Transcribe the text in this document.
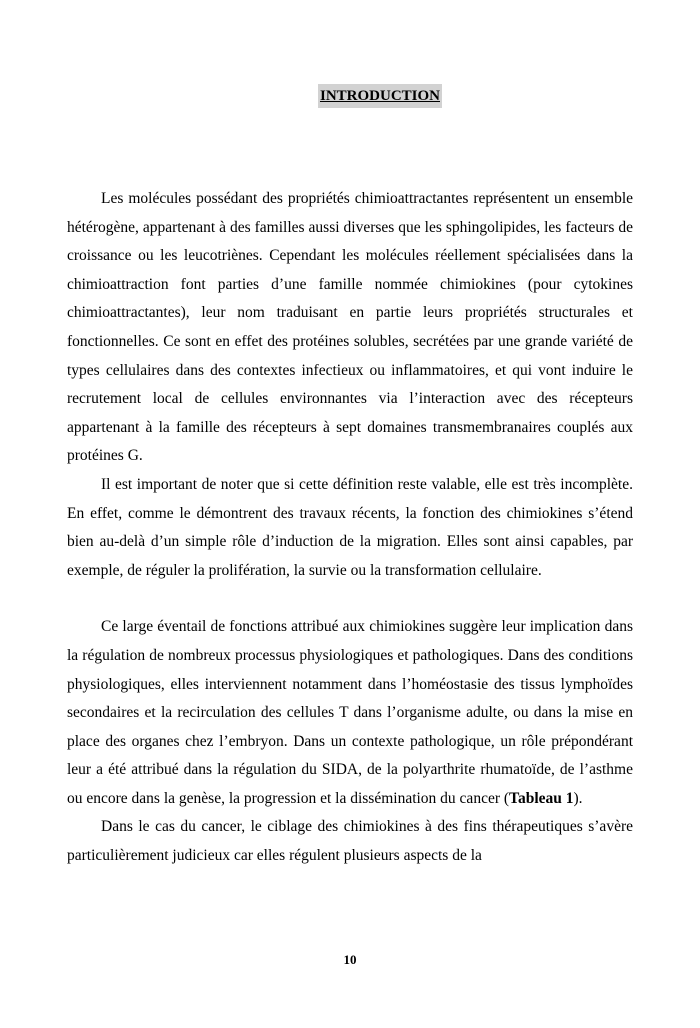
INTRODUCTION

Les molécules possédant des propriétés chimioattractantes représentent un ensemble hétérogène, appartenant à des familles aussi diverses que les sphingolipides, les facteurs de croissance ou les leucotriènes. Cependant les molécules réellement spécialisées dans la chimioattraction font parties d’une famille nommée chimiokines (pour cytokines chimioattractantes), leur nom traduisant en partie leurs propriétés structurales et fonctionnelles. Ce sont en effet des protéines solubles, secrétées par une grande variété de types cellulaires dans des contextes infectieux ou inflammatoires, et qui vont induire le recrutement local de cellules environnantes via l’interaction avec des récepteurs appartenant à la famille des récepteurs à sept domaines transmembranaires couplés aux protéines G.

Il est important de noter que si cette définition reste valable, elle est très incomplète. En effet, comme le démontrent des travaux récents, la fonction des chimiokines s’étend bien au-delà d’un simple rôle d’induction de la migration. Elles sont ainsi capables, par exemple, de réguler la prolifération, la survie ou la transformation cellulaire.

Ce large éventail de fonctions attribué aux chimiokines suggère leur implication dans la régulation de nombreux processus physiologiques et pathologiques. Dans des conditions physiologiques, elles interviennent notamment dans l’homéostasie des tissus lymphoïdes secondaires et la recirculation des cellules T dans l’organisme adulte, ou dans la mise en place des organes chez l’embryon. Dans un contexte pathologique, un rôle prépondérant leur a été attribué dans la régulation du SIDA, de la polyarthrite rhumatoïde, de l’asthme ou encore dans la genèse, la progression et la dissémination du cancer (Tableau 1).

Dans le cas du cancer, le ciblage des chimiokines à des fins thérapeutiques s’avère particulièrement judicieux car elles régulent plusieurs aspects de la

10
